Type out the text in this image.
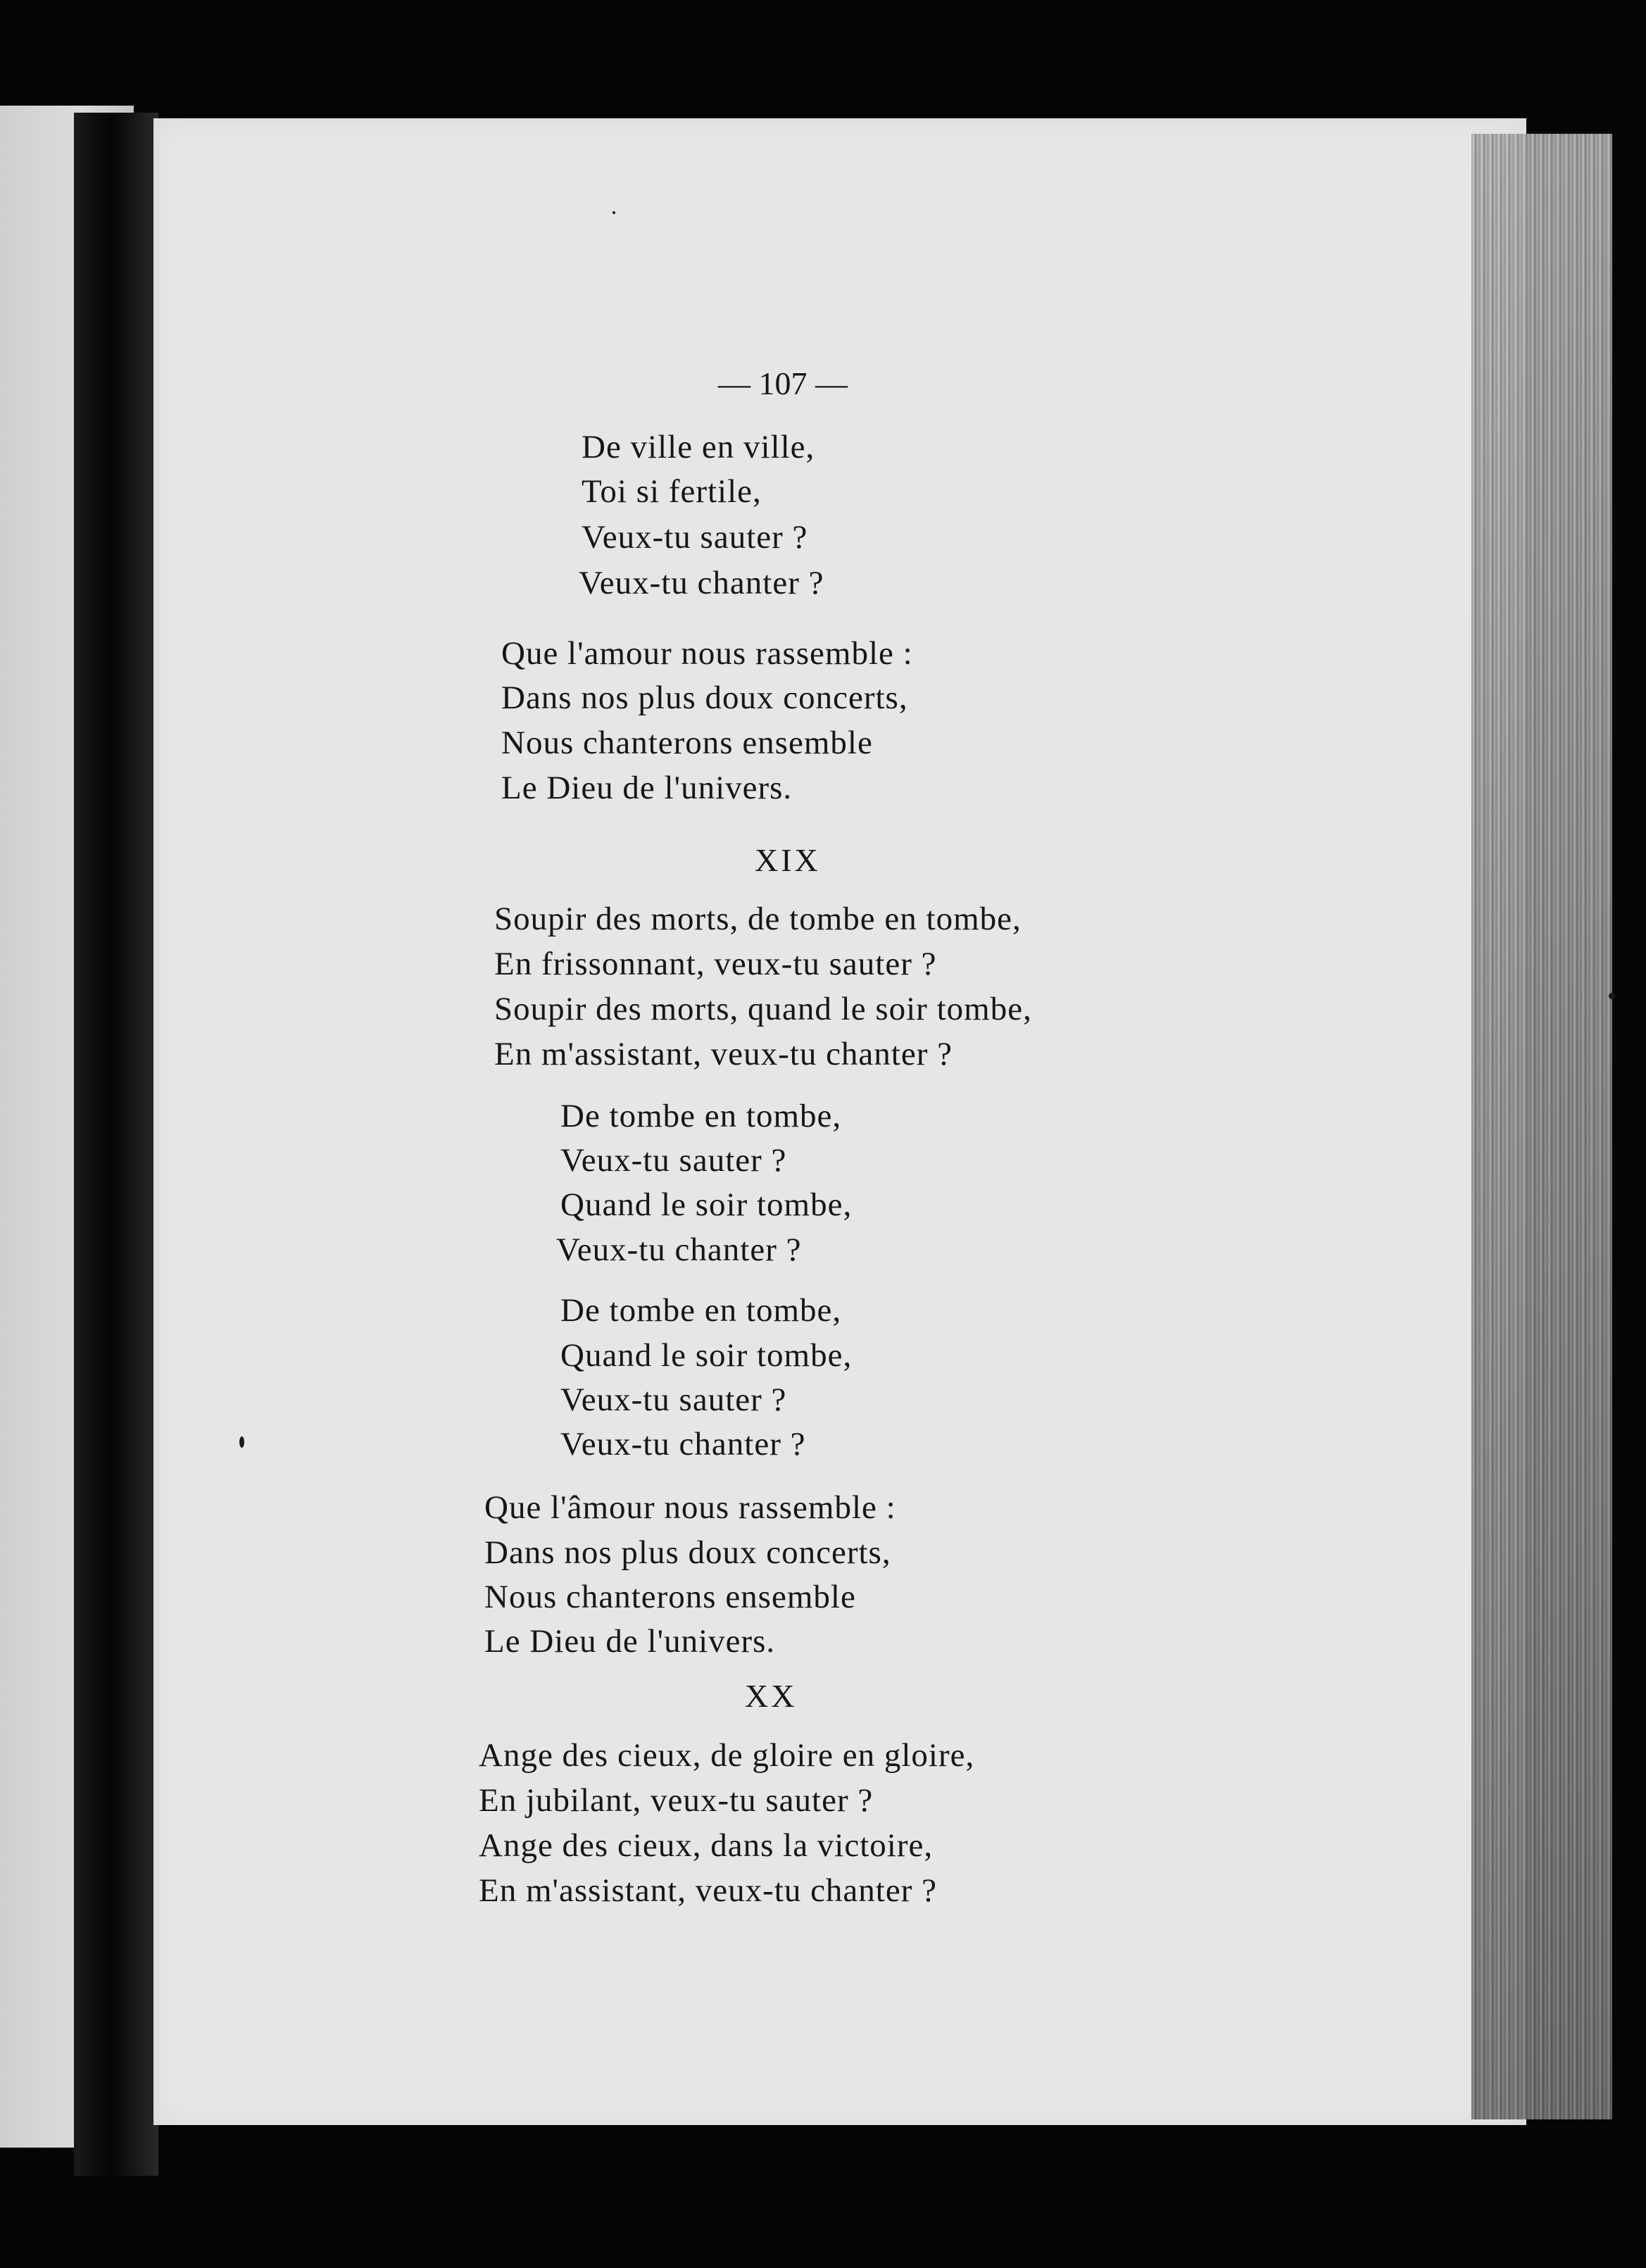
— 107 —
De ville en ville,
Toi si fertile,
Veux-tu sauter ?
Veux-tu chanter ?
Que l'amour nous rassemble :
Dans nos plus doux concerts,
Nous chanterons ensemble
Le Dieu de l'univers.
XIX
Soupir des morts, de tombe en tombe,
En frissonnant, veux-tu sauter ?
Soupir des morts, quand le soir tombe,
En m'assistant, veux-tu chanter ?
De tombe en tombe,
Veux-tu sauter ?
Quand le soir tombe,
Veux-tu chanter ?
De tombe en tombe,
Quand le soir tombe,
Veux-tu sauter ?
Veux-tu chanter ?
Que l'âmour nous rassemble :
Dans nos plus doux concerts,
Nous chanterons ensemble
Le Dieu de l'univers.
XX
Ange des cieux, de gloire en gloire,
En jubilant, veux-tu sauter ?
Ange des cieux, dans la victoire,
En m'assistant, veux-tu chanter ?
